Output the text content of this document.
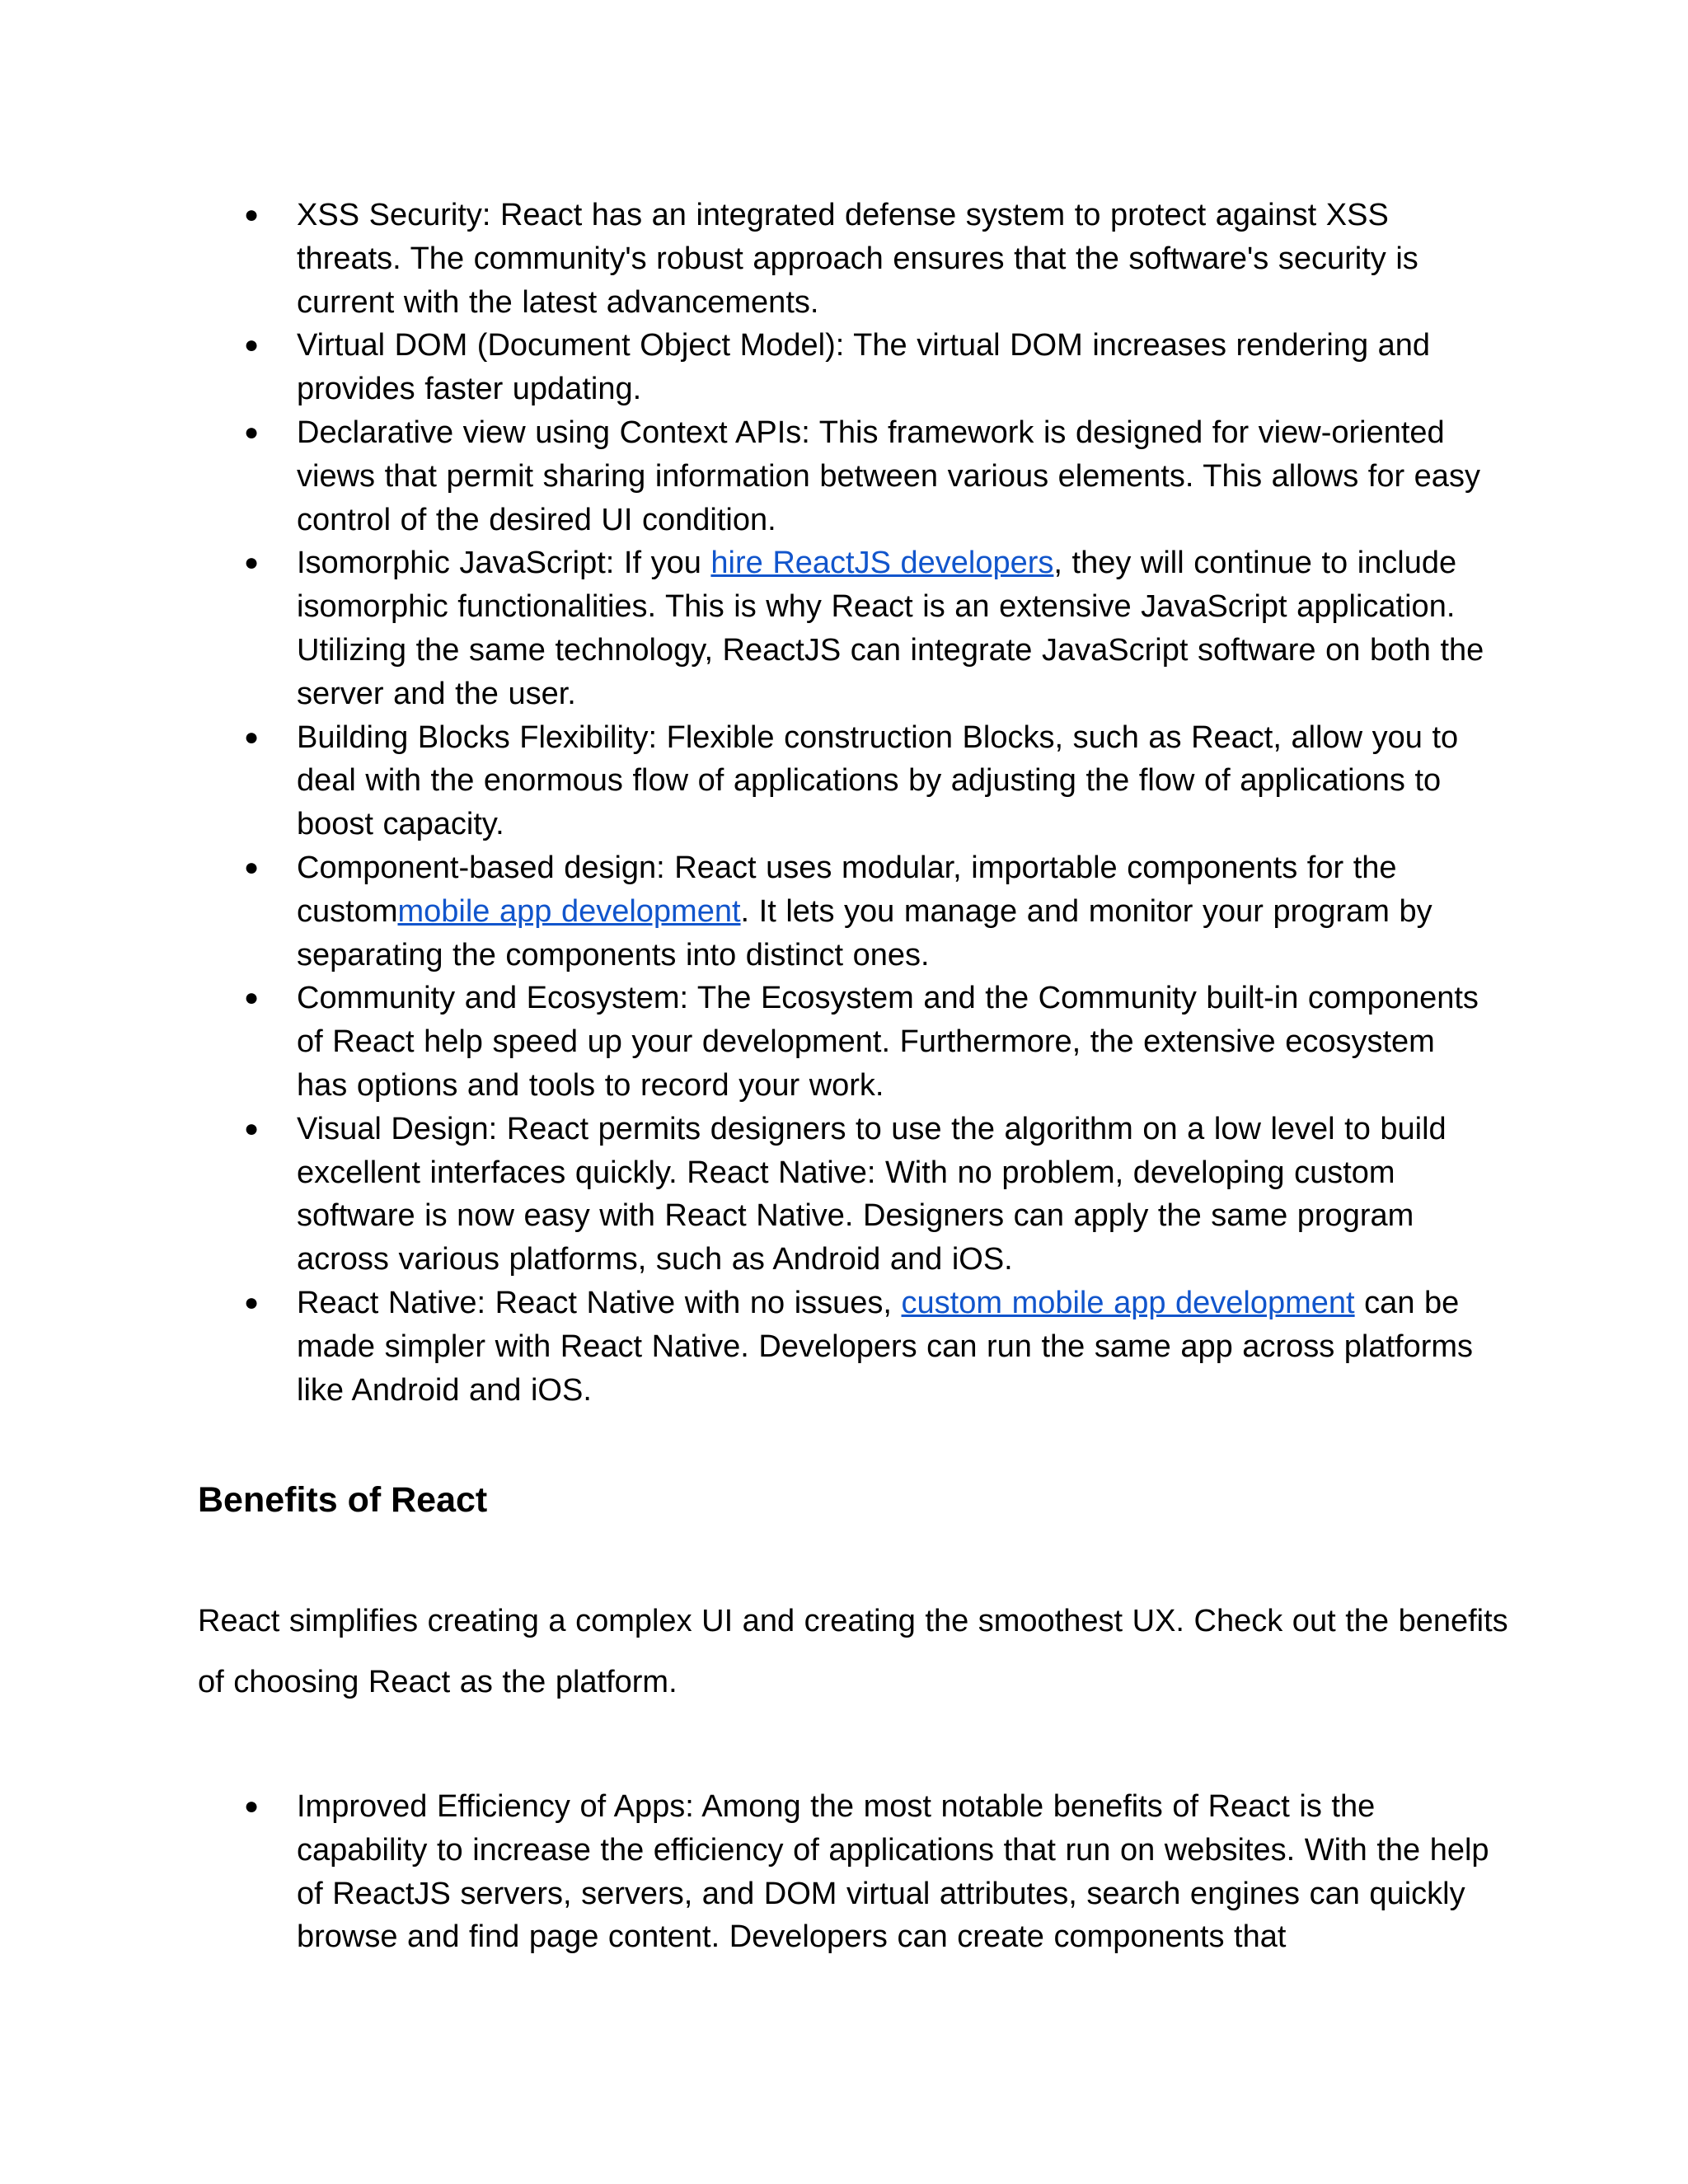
● XSS Security: React has an integrated defense system to protect against XSS threats. The community's robust approach ensures that the software's security is current with the latest advancements.
● Virtual DOM (Document Object Model): The virtual DOM increases rendering and provides faster updating.
● Declarative view using Context APIs: This framework is designed for view-oriented views that permit sharing information between various elements. This allows for easy control of the desired UI condition.
● Isomorphic JavaScript: If you hire ReactJS developers, they will continue to include isomorphic functionalities. This is why React is an extensive JavaScript application. Utilizing the same technology, ReactJS can integrate JavaScript software on both the server and the user.
● Building Blocks Flexibility: Flexible construction Blocks, such as React, allow you to deal with the enormous flow of applications by adjusting the flow of applications to boost capacity.
● Component-based design: React uses modular, importable components for the custommobile app development. It lets you manage and monitor your program by separating the components into distinct ones.
● Community and Ecosystem: The Ecosystem and the Community built-in components of React help speed up your development. Furthermore, the extensive ecosystem has options and tools to record your work.
● Visual Design: React permits designers to use the algorithm on a low level to build excellent interfaces quickly. React Native: With no problem, developing custom software is now easy with React Native. Designers can apply the same program across various platforms, such as Android and iOS.
● React Native: React Native with no issues, custom mobile app development can be made simpler with React Native. Developers can run the same app across platforms like Android and iOS.
Benefits of React

React simplifies creating a complex UI and creating the smoothest UX. Check out the benefits of choosing React as the platform.

● Improved Efficiency of Apps: Among the most notable benefits of React is the capability to increase the efficiency of applications that run on websites. With the help of ReactJS servers, servers, and DOM virtual attributes, search engines can quickly browse and find page content. Developers can create components that
